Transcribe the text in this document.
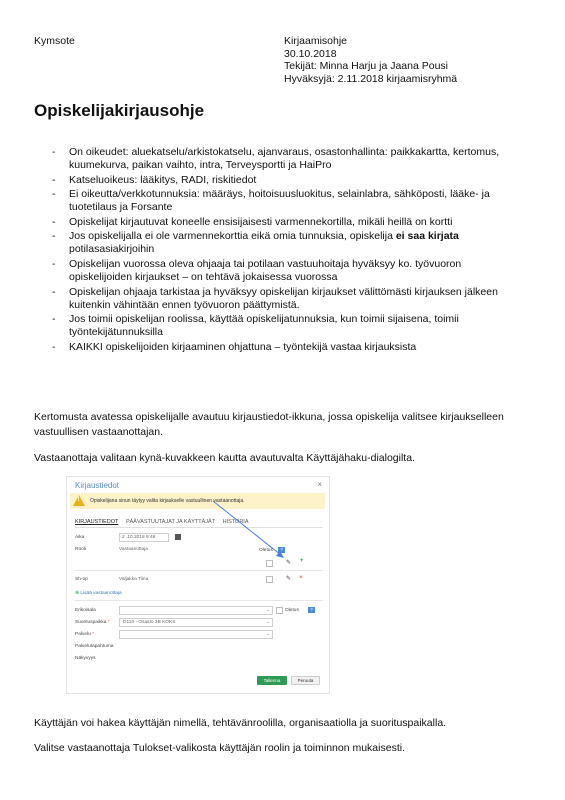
Kymsote	Kirjaamisohje
30.10.2018
Tekijät: Minna Harju ja Jaana Pousi
Hyväksyjä: 2.11.2018 kirjaamisryhmä
Opiskelijakirjausohje
- On oikeudet: aluekatselu/arkistokatselu, ajanvaraus, osastonhallinta: paikkakartta, kertomus, kuumekurva, paikan vaihto, intra, Terveysportti ja HaiPro
- Katseluoikeus: lääkitys, RADI, riskitiedot
- Ei oikeutta/verkkotunnuksia: määräys, hoitoisuusluokitus, selainlabra, sähköposti, lääke- ja tuotetilaus ja Forsante
- Opiskelijat kirjautuvat koneelle ensisijaisesti varmennekortilla, mikäli heillä on kortti
- Jos opiskelijalla ei ole varmennekorttia eikä omia tunnuksia, opiskelija ei saa kirjata potilasasiakirjoihin
- Opiskelijan vuorossa oleva ohjaaja tai potilaan vastuuhoitaja hyväksyy ko. työvuoron opiskelijoiden kirjaukset – on tehtävä jokaisessa vuorossa
- Opiskelijan ohjaaja tarkistaa ja hyväksyy opiskelijan kirjaukset välittömästi kirjauksen jälkeen kuitenkin vähintään ennen työvuoron päättymistä.
- Jos toimii opiskelijan roolissa, käyttää opiskelijatunnuksia, kun toimii sijaisena, toimii työntekijätunnuksilla
- KAIKKI opiskelijoiden kirjaaminen ohjattuna – työntekijä vastaa kirjauksista

Kertomusta avatessa opiskelijalle avautuu kirjaustiedot-ikkuna, jossa opiskelija valitsee kirjaukselleen vastuullisen vastaanottajan.

Vastaanottaja valitaan kynä-kuvakkeen kautta avautuvalta Käyttäjähaku-dialogilta.

Kirjaustiedot	×
!
Opiskelijana sinun täytyy valita kirjaukselle vastuullinen vastaanottaja.
KIRJAUSTIEDOT PÄÄVASTUUTAJAT JA KÄYTTÄJÄT HISTORIA
Aika	2 .10.2018 9:49
Rooli	Vastaanottaja	Oletus	?
✎ +
Sh-op	Valjakka Tiina	✎ ×
⊕ Lisää vastaanottaja
Erikoisala	⌄	Oletus	?
Suorituspaikka *	D110 - Osasto 3B KOKS	⌄
Palvelu *	⌄
Palvelutapahtuma
Näkyvyys
Tallenna	Peruuta

Käyttäjän voi hakea käyttäjän nimellä, tehtävänroolilla, organisaatiolla ja suorituspaikalla.

Valitse vastaanottaja Tulokset-valikosta käyttäjän roolin ja toiminnon mukaisesti.
